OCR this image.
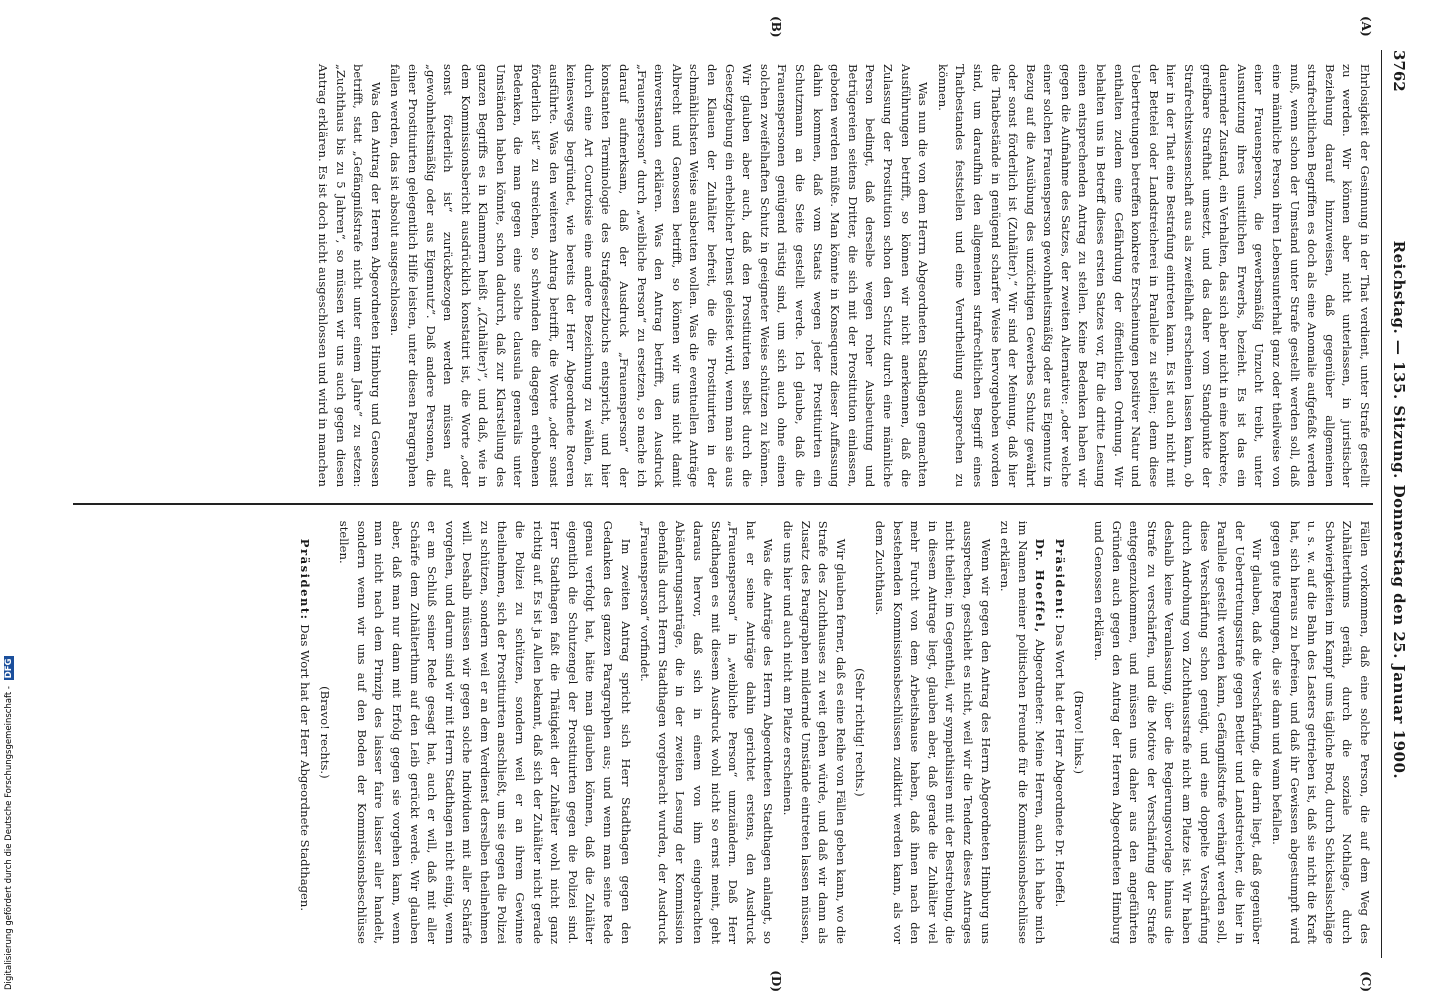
3762
Reichstag. — 135. Sitzung. Donnerstag den 25. Januar 1900.
(A)
(B)
(C)
(D)

Ehrlosigkeit der Gesinnung in der That verdient, unter Strafe gestellt zu werden. Wir können aber nicht unterlassen, in juristischer Beziehung darauf hinzuweisen, daß gegenüber allgemeinen strafrechtlichen Begriffen es doch als eine Anomalie aufgefaßt werden muß, wenn schon der Umstand unter Strafe gestellt werden soll, daß eine männliche Person ihren Lebensunterhalt ganz oder theilweise von einer Frauensperson, die gewerbsmäßig Unzucht treibt, unter Ausnutzung ihres unsittlichen Erwerbs, bezieht. Es ist das ein dauernder Zustand, ein Verhalten, das sich aber nicht in eine konkrete, greifbare Strafthat umsetzt, und das daher vom Standpunkte der Strafrechtswissenschaft aus als zweifelhaft erscheinen lassen kann, ob hier in der That eine Bestrafung eintreten kann. Es ist auch nicht mit der Bettelei oder Landstreicherei in Parallele zu stellen; denn diese Uebertretungen betreffen konkrete Erscheinungen positiver Natur und enthalten zudem eine Gefährdung der öffentlichen Ordnung. Wir behalten uns in Betreff dieses ersten Satzes vor, für die dritte Lesung einen entsprechenden Antrag zu stellen. Keine Bedenken haben wir gegen die Aufnahme des Satzes, der zweiten Alternative: „oder welche einer solchen Frauensperson gewohnheitsmäßig oder aus Eigennutz in Bezug auf die Ausübung des unzüchtigen Gewerbes Schutz gewährt oder sonst förderlich ist (Zuhälter).“ Wir sind der Meinung, daß hier die Thatbestände in genügend scharfer Weise hervorgehoben worden sind, um daraufhin den allgemeinen strafrechtlichen Begriff eines Thatbestandes feststellen und eine Verurtheilung aussprechen zu können.

Was nun die von dem Herrn Abgeordneten Stadthagen gemachten Ausführungen betrifft, so können wir nicht anerkennen, daß die Zulassung der Prostitution schon den Schutz durch eine männliche Person bedingt, daß derselbe wegen roher Ausbeutung und Betrügereien seitens Dritter, die sich mit der Prostitution einlassen, geboten werden müßte. Man könnte in Konsequenz dieser Auffassung dahin kommen, daß vom Staats wegen jeder Prostituirten ein Schutzmann an die Seite gestellt werde. Ich glaube, daß die Frauenspersonen genügend rüstig sind, um sich auch ohne einen solchen zweifelhaften Schutz in geeigneter Weise schützen zu können. Wir glauben aber auch, daß den Prostituirten selbst durch die Gesetzgebung ein erheblicher Dienst geleistet wird, wenn man sie aus den Klauen der Zuhälter befreit, die die Prostituirten in der schmählichsten Weise ausbeuten wollen. Was die eventuellen Anträge Albrecht und Genossen betrifft, so können wir uns nicht damit einverstanden erklären. Was den Antrag betrifft, den Ausdruck „Frauensperson“ durch „weibliche Person“ zu ersetzen, so mache ich darauf aufmerksam, daß der Ausdruck „Frauensperson“ der konstanten Terminologie des Strafgesetzbuchs entspricht, und hier durch eine Art Courtoisie eine andere Bezeichnung zu wählen, ist keineswegs begründet, wie bereits der Herr Abgeordnete Roeren ausführte. Was den weiteren Antrag betrifft, die Worte „oder sonst förderlich ist“ zu streichen, so schwinden die dagegen erhobenen Bedenken, die man gegen eine solche clausula generalis unter Umständen haben könnte, schon dadurch, daß zur Klarstellung des ganzen Begriffs es in Klammern heißt „(Zuhälter)“, und daß, wie in dem Kommissionsbericht ausdrücklich konstatirt ist, die Worte „oder sonst förderlich ist“ zurückbezogen werden müssen auf „gewohnheitsmäßig oder aus Eigennutz“. Daß andere Personen, die einer Prostituirten gelegentlich Hilfe leisten, unter diesen Paragraphen fallen werden, das ist absolut ausgeschlossen.

Was den Antrag der Herren Abgeordneten Himburg und Genossen betrifft, statt „Gefängnißstrafe nicht unter einem Jahre“ zu setzen: „Zuchthaus bis zu 5 Jahren“, so müssen wir uns auch gegen diesen Antrag erklären. Es ist doch nicht ausgeschlossen und wird in manchen

Fällen vorkommen, daß eine solche Person, die auf dem Weg des Zuhälterthums geräth, durch die soziale Nothlage, durch Schwierigkeiten im Kampf ums tägliche Brod, durch Schicksalsschläge u. s. w. auf die Bahn des Lasters getrieben ist, daß sie nicht die Kraft hat, sich hieraus zu befreien, und daß ihr Gewissen abgestumpft wird gegen gute Regungen, die sie dann und wann befallen.

Wir glauben, daß die Verschärfung, die darin liegt, daß gegenüber der Uebertretungsstrafe gegen Bettler und Landstreicher, die hier in Parallele gestellt werden kann, Gefängnißstrafe verhängt werden soll, diese Verschärfung schon genügt, und eine doppelte Verschärfung durch Androhung von Zuchthausstrafe nicht am Platze ist. Wir haben deshalb keine Veranlassung, über die Regierungsvorlage hinaus die Strafe zu verschärfen, und die Motive der Verschärfung der Strafe entgegenzukommen, und müssen uns daher aus den angeführten Gründen auch gegen den Antrag der Herren Abgeordneten Himburg und Genossen erklären.

(Bravo! links.)

Präsident: Das Wort hat der Herr Abgeordnete Dr. Hoeffel.

Dr. Hoeffel, Abgeordneter: Meine Herren, auch ich habe mich im Namen meiner politischen Freunde für die Kommissionsbeschlüsse zu erklären.

Wenn wir gegen den Antrag des Herrn Abgeordneten Himburg uns aussprechen, geschieht es nicht, weil wir die Tendenz dieses Antrages nicht theilen; im Gegentheil, wir sympathisiren mit der Bestrebung, die in diesem Antrage liegt, glauben aber, daß gerade die Zuhälter viel mehr Furcht von dem Arbeitshause haben, daß ihnen nach den bestehenden Kommissionsbeschlüssen zudiktirt werden kann, als vor dem Zuchthaus.

(Sehr richtig! rechts.)

Wir glauben ferner, daß es eine Reihe von Fällen geben kann, wo die Strafe des Zuchthauses zu weit gehen würde, und daß wir dann als Zusatz des Paragraphen mildernde Umstände eintreten lassen müssen, die uns hier und auch nicht am Platze erscheinen.

Was die Anträge des Herrn Abgeordneten Stadthagen anlangt, so hat er seine Anträge dahin gerichtet erstens, den Ausdruck „Frauensperson“ in „weibliche Person“ umzuändern. Daß Herr Stadthagen es mit diesem Ausdruck wohl nicht so ernst meint, geht daraus hervor, daß sich in einem von ihm eingebrachten Abänderungsanträge, die in der zweiten Lesung der Kommission ebenfalls durch Herrn Stadthagen vorgebracht wurden, der Ausdruck „Frauensperson“ vorfindet.

Im zweiten Antrag spricht sich Herr Stadthagen gegen den Gedanken des ganzen Paragraphen aus; und wenn man seine Rede genau verfolgt hat, hätte man glauben können, daß die Zuhälter eigentlich die Schutzengel der Prostituirten gegen die Polizei sind. Herr Stadthagen faßt die Thätigkeit der Zuhälter wohl nicht ganz richtig auf. Es ist ja Allen bekannt, daß sich der Zuhälter nicht gerade die Polizei zu schützen, sondern weil er an ihrem Gewinne theilnehmen, sich der Prostituirten anschließt, um sie gegen die Polizei zu schützen, sondern weil er an dem Verdienst derselben theilnehmen will. Deshalb müssen wir gegen solche Individuen mit aller Schärfe vorgehen, und darum sind wir mit Herrn Stadthagen nicht einig, wenn er am Schluß seiner Rede gesagt hat, auch er will, daß mit aller Schärfe dem Zuhälterthum auf den Leib gerückt werde. Wir glauben aber, daß man nur dann mit Erfolg gegen sie vorgehen kann, wenn man nicht nach dem Prinzip des laisser faire laisser aller handelt, sondern wenn wir uns auf den Boden der Kommissionsbeschlüsse stellen.

(Bravo! rechts.)

Präsident: Das Wort hat der Herr Abgeordnete Stadthagen.

Digitalisierung gefördert durch die Deutsche Forschungsgemeinschaft - DFG
